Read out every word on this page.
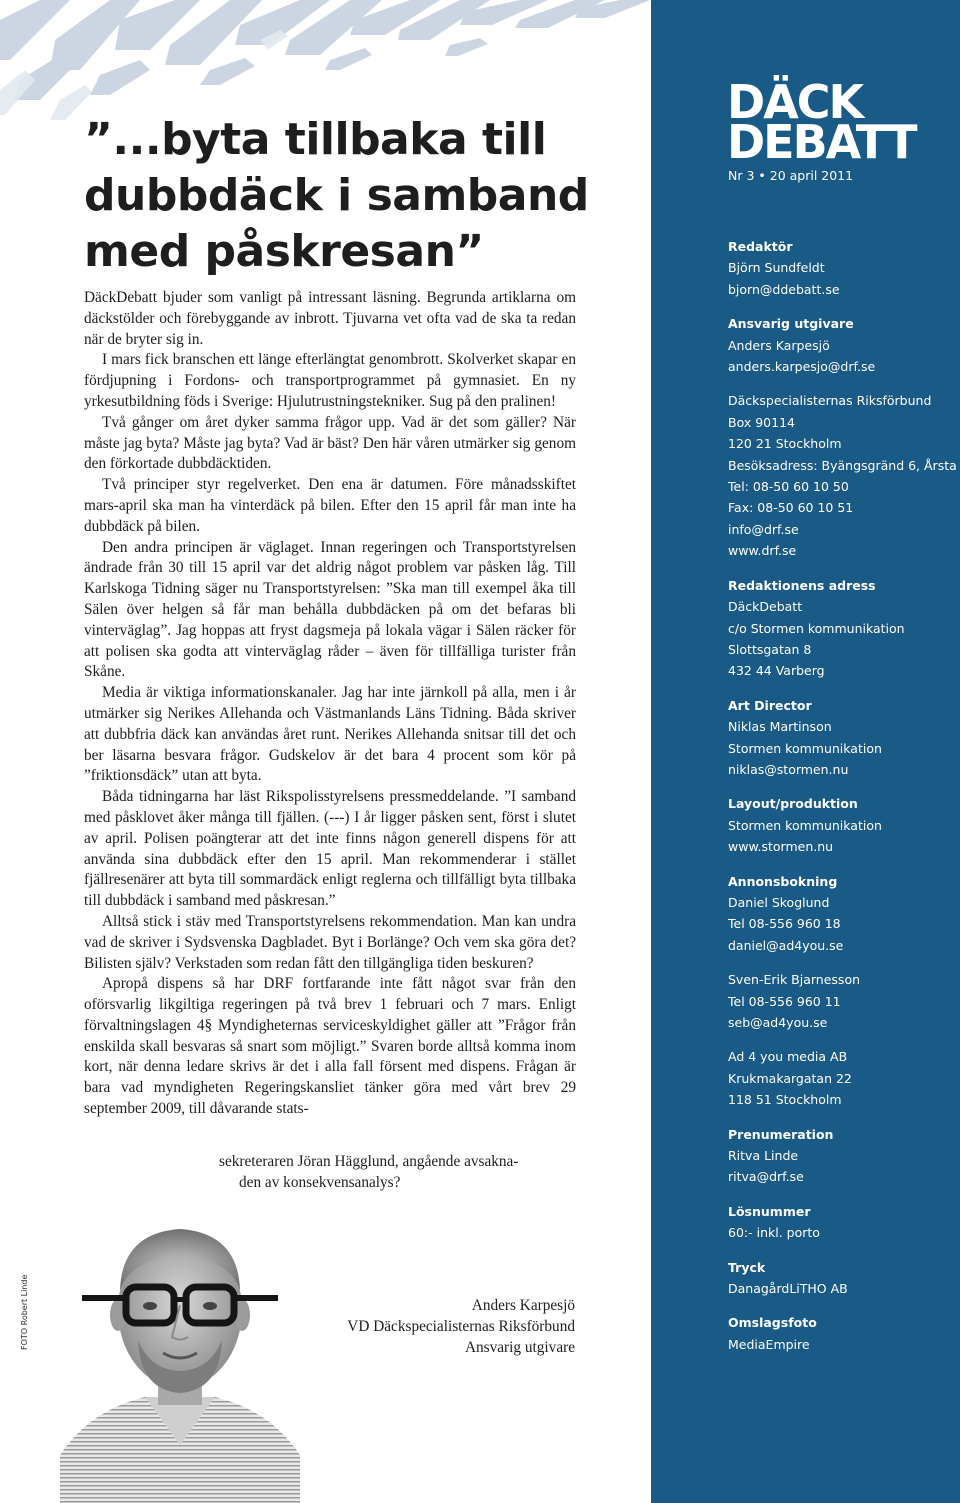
”...byta tillbaka till
dubbdäck i samband
med påskresan”

DäckDebatt bjuder som vanligt på intressant läsning. Begrunda artiklarna om däckstölder och förebyggande av inbrott. Tjuvarna vet ofta vad de ska ta redan när de bryter sig in.

I mars fick branschen ett länge efterlängtat genombrott. Skolverket skapar en fördjupning i Fordons- och transportprogrammet på gymnasiet. En ny yrkesutbildning föds i Sverige: Hjulutrustningstekniker. Sug på den pralinen!

Två gånger om året dyker samma frågor upp. Vad är det som gäller? När måste jag byta? Måste jag byta? Vad är bäst? Den här våren utmärker sig genom den förkortade dubbdäcktiden.

Två principer styr regelverket. Den ena är datumen. Före månadsskiftet mars-april ska man ha vinterdäck på bilen. Efter den 15 april får man inte ha dubbdäck på bilen.

Den andra principen är väglaget. Innan regeringen och Transportstyrelsen ändrade från 30 till 15 april var det aldrig något problem var påsken låg. Till Karlskoga Tidning säger nu Transportstyrelsen: ”Ska man till exempel åka till Sälen över helgen så får man behålla dubbdäcken på om det befaras bli vinterväglag”. Jag hoppas att fryst dagsmeja på lokala vägar i Sälen räcker för att polisen ska godta att vinterväglag råder – även för tillfälliga turister från Skåne.

Media är viktiga informationskanaler. Jag har inte järnkoll på alla, men i år utmärker sig Nerikes Allehanda och Västmanlands Läns Tidning. Båda skriver att dubbfria däck kan användas året runt. Nerikes Allehanda snitsar till det och ber läsarna besvara frågor. Gudskelov är det bara 4 procent som kör på ”friktionsdäck” utan att byta.

Båda tidningarna har läst Rikspolisstyrelsens pressmeddelande. ”I samband med påsklovet åker många till fjällen. (---) I år ligger påsken sent, först i slutet av april. Polisen poängterar att det inte finns någon generell dispens för att använda sina dubbdäck efter den 15 april. Man rekommenderar i stället fjällresenärer att byta till sommardäck enligt reglerna och tillfälligt byta tillbaka till dubbdäck i samband med påskresan.”

Alltså stick i stäv med Transportstyrelsens rekommendation. Man kan undra vad de skriver i Sydsvenska Dagbladet. Byt i Borlänge? Och vem ska göra det? Bilisten själv? Verkstaden som redan fått den tillgängliga tiden beskuren?

Apropå dispens så har DRF fortfarande inte fått något svar från den oförsvarlig likgiltiga regeringen på två brev 1 februari och 7 mars. Enligt förvaltningslagen 4§ Myndigheternas serviceskyldighet gäller att ”Frågor från enskilda skall besvaras så snart som möjligt.” Svaren borde alltså komma inom kort, när denna ledare skrivs är det i alla fall försent med dispens. Frågan är bara vad myndigheten Regeringskansliet tänker göra med vårt brev 29 september 2009, till dåvarande stats-

sekreteraren Jöran Hägglund, angående avsakna-
den av konsekvensanalys?
FOTO Robert Linde	Anders Karpesjö
VD Däckspecialisternas Riksförbund
Ansvarig utgivare
DÄCK
DEBATT
Nr 3 • 20 april 2011
Redaktör
Björn Sundfeldt
bjorn@ddebatt.se
Ansvarig utgivare
Anders Karpesjö
anders.karpesjo@drf.se
Däckspecialisternas Riksförbund
Box 90114
120 21 Stockholm
Besöksadress: Byängsgränd 6, Årsta
Tel: 08-50 60 10 50
Fax: 08-50 60 10 51
info@drf.se
www.drf.se
Redaktionens adress
DäckDebatt
c/o Stormen kommunikation
Slottsgatan 8
432 44 Varberg
Art Director
Niklas Martinson
Stormen kommunikation
niklas@stormen.nu
Layout/produktion
Stormen kommunikation
www.stormen.nu
Annonsbokning
Daniel Skoglund
Tel 08-556 960 18
daniel@ad4you.se
Sven-Erik Bjarnesson
Tel 08-556 960 11
seb@ad4you.se
Ad 4 you media AB
Krukmakargatan 22
118 51 Stockholm
Prenumeration
Ritva Linde
ritva@drf.se
Lösnummer
60:- inkl. porto
Tryck
DanagårdLiTHO AB
Omslagsfoto
MediaEmpire
